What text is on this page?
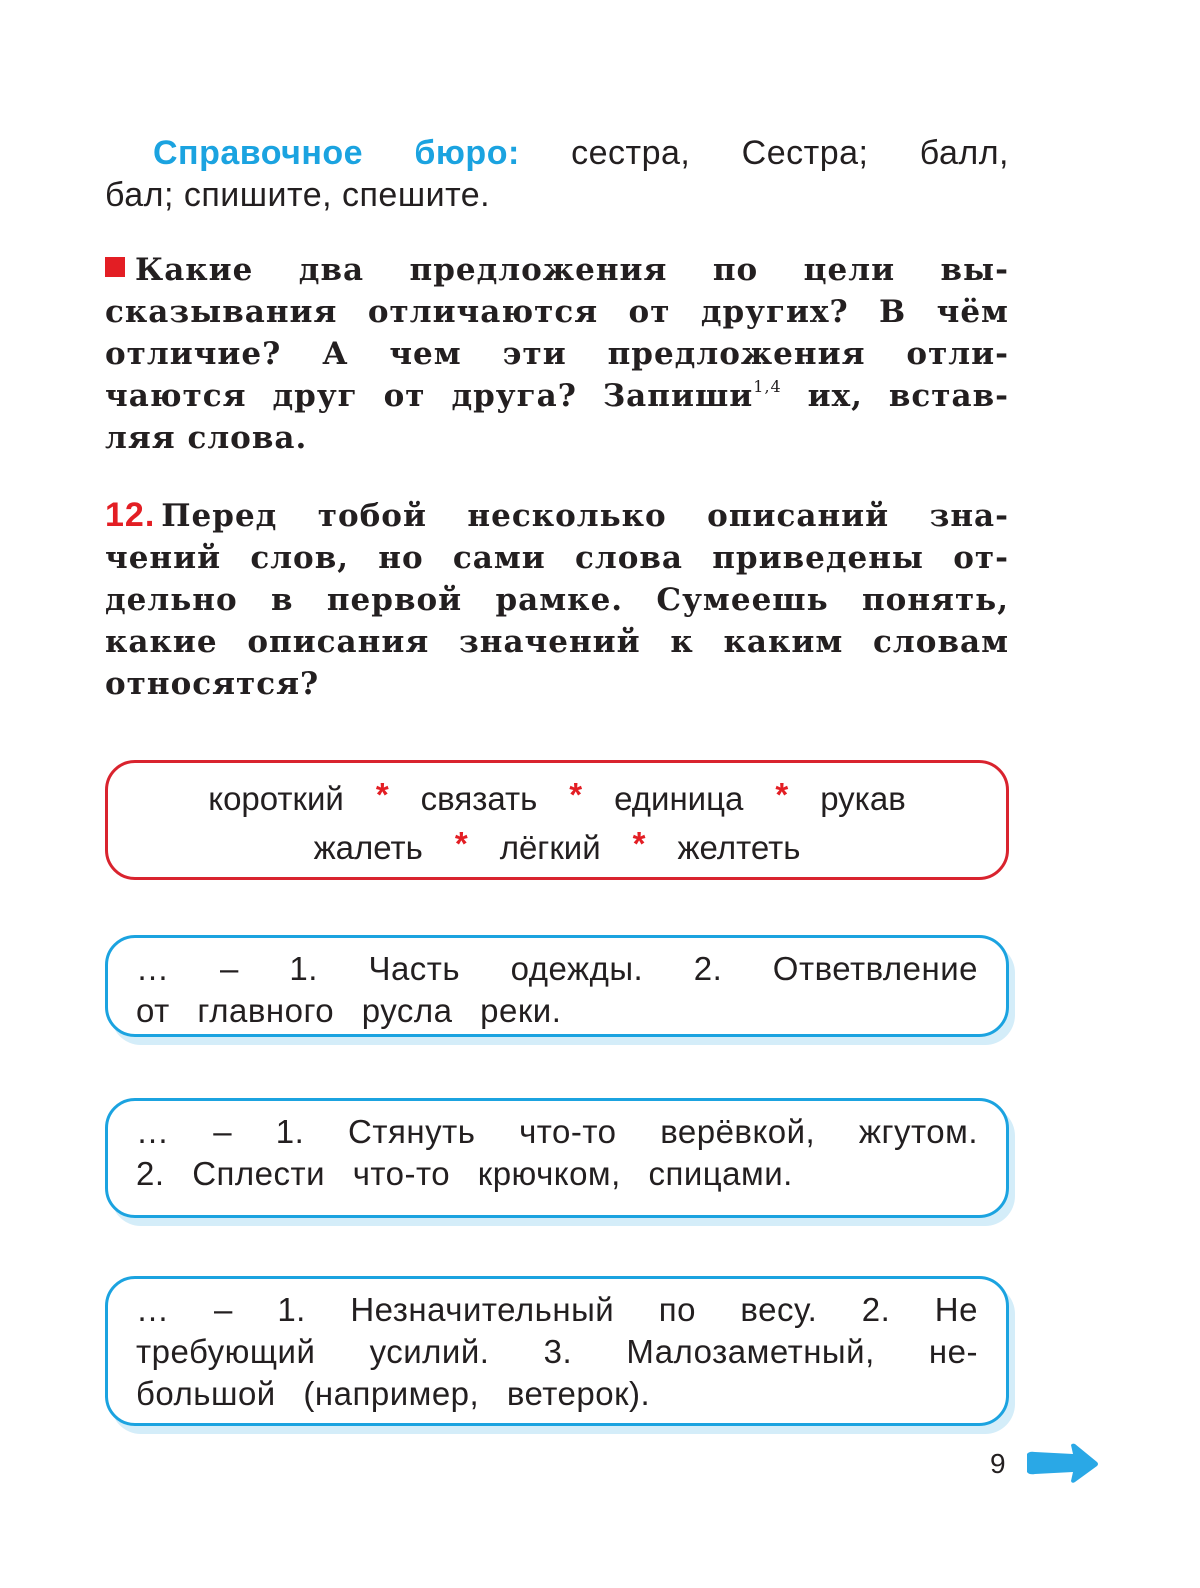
Справочное бюро: сестра, Сестра; балл,
бал; спишите, спешите.
Какие два предложения по цели вы-
сказывания отличаются от других? В чём
отличие? А чем эти предложения отли-
чаются друг от друга? Запиши$^{1,4}$ их, встав-
ляя слова.
12. Перед тобой несколько описаний зна-
чений слов, но сами слова приведены от-
дельно в первой рамке. Сумеешь понять,
какие описания значений к каким словам
относятся?
короткий * связать * единица * рукав
жалеть * лёгкий * желтеть
… – 1. Часть одежды. 2. Ответвление
от главного русла реки.
… – 1. Стянуть что-то верёвкой, жгутом.
2. Сплести что-то крючком, спицами.
… – 1. Незначительный по весу. 2. Не
требующий усилий. 3. Малозаметный, не-
большой (например, ветерок).
9
